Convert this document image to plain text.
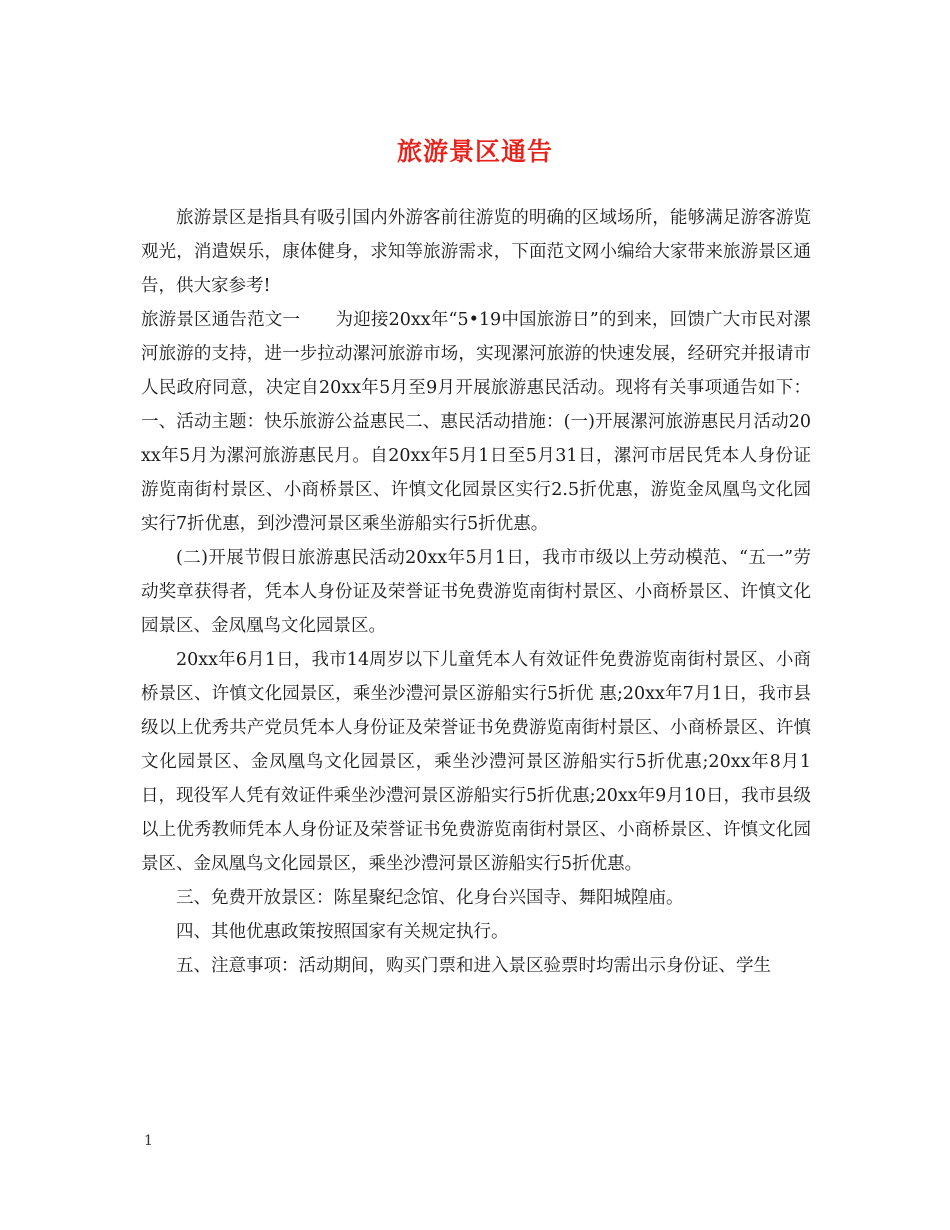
旅游景区通告

旅游景区是指具有吸引国内外游客前往游览的明确的区域场所，能够满足游客游览观光，消遣娱乐，康体健身，求知等旅游需求，下面范文网小编给大家带来旅游景区通告，供大家参考!

旅游景区通告范文一　　为迎接20xx年“5•19中国旅游日”的到来，回馈广大市民对漯河旅游的支持，进一步拉动漯河旅游市场，实现漯河旅游的快速发展，经研究并报请市人民政府同意，决定自20xx年5月至9月开展旅游惠民活动。现将有关事项通告如下：一、活动主题：快乐旅游公益惠民二、惠民活动措施：(一)开展漯河旅游惠民月活动20xx年5月为漯河旅游惠民月。自20xx年5月1日至5月31日，漯河市居民凭本人身份证游览南街村景区、小商桥景区、许慎文化园景区实行2.5折优惠，游览金凤凰鸟文化园实行7折优惠，到沙澧河景区乘坐游船实行5折优惠。

(二)开展节假日旅游惠民活动20xx年5月1日，我市市级以上劳动模范、“五一”劳动奖章获得者，凭本人身份证及荣誉证书免费游览南街村景区、小商桥景区、许慎文化园景区、金凤凰鸟文化园景区。

20xx年6月1日，我市14周岁以下儿童凭本人有效证件免费游览南街村景区、小商桥景区、许慎文化园景区，乘坐沙澧河景区游船实行5折优 惠;20xx年7月1日，我市县级以上优秀共产党员凭本人身份证及荣誉证书免费游览南街村景区、小商桥景区、许慎文化园景区、金凤凰鸟文化园景区，乘坐沙澧河景区游船实行5折优惠;20xx年8月1日，现役军人凭有效证件乘坐沙澧河景区游船实行5折优惠;20xx年9月10日，我市县级以上优秀教师凭本人身份证及荣誉证书免费游览南街村景区、小商桥景区、许慎文化园景区、金凤凰鸟文化园景区，乘坐沙澧河景区游船实行5折优惠。

三、免费开放景区：陈星聚纪念馆、化身台兴国寺、舞阳城隍庙。

四、其他优惠政策按照国家有关规定执行。

五、注意事项：活动期间，购买门票和进入景区验票时均需出示身份证、学生

1
